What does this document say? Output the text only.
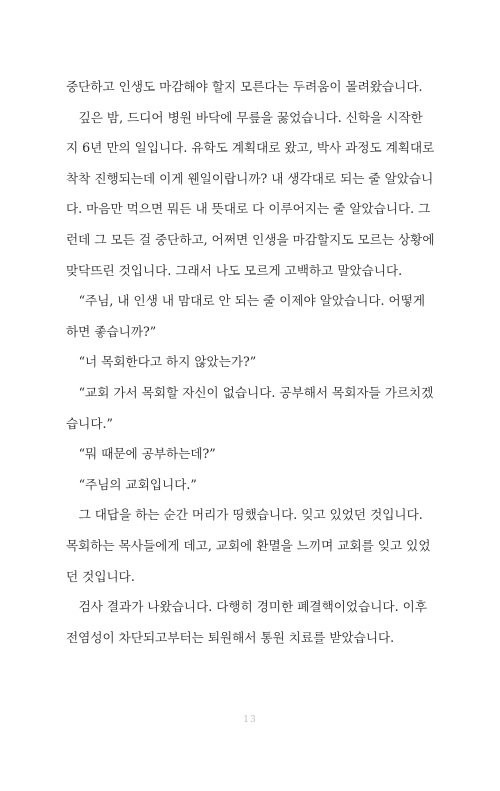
중단하고 인생도 마감해야 할지 모른다는 두려움이 몰려왔습니다.
　깊은 밤, 드디어 병원 바닥에 무릎을 꿇었습니다. 신학을 시작한
지 6년 만의 일입니다. 유학도 계획대로 왔고, 박사 과정도 계획대로
착착 진행되는데 이게 웬일이랍니까? 내 생각대로 되는 줄 알았습니
다. 마음만 먹으면 뭐든 내 뜻대로 다 이루어지는 줄 알았습니다. 그
런데 그 모든 걸 중단하고, 어쩌면 인생을 마감할지도 모르는 상황에
맞닥뜨린 것입니다. 그래서 나도 모르게 고백하고 말았습니다.
　“주님, 내 인생 내 맘대로 안 되는 줄 이제야 알았습니다. 어떻게
하면 좋습니까?”
　“너 목회한다고 하지 않았는가?”
　“교회 가서 목회할 자신이 없습니다. 공부해서 목회자들 가르치겠
습니다.”
　“뭐 때문에 공부하는데?”
　“주님의 교회입니다.”
　그 대답을 하는 순간 머리가 띵했습니다. 잊고 있었던 것입니다.
목회하는 목사들에게 데고, 교회에 환멸을 느끼며 교회를 잊고 있었
던 것입니다.
　검사 결과가 나왔습니다. 다행히 경미한 폐결핵이었습니다. 이후
전염성이 차단되고부터는 퇴원해서 통원 치료를 받았습니다.
13
